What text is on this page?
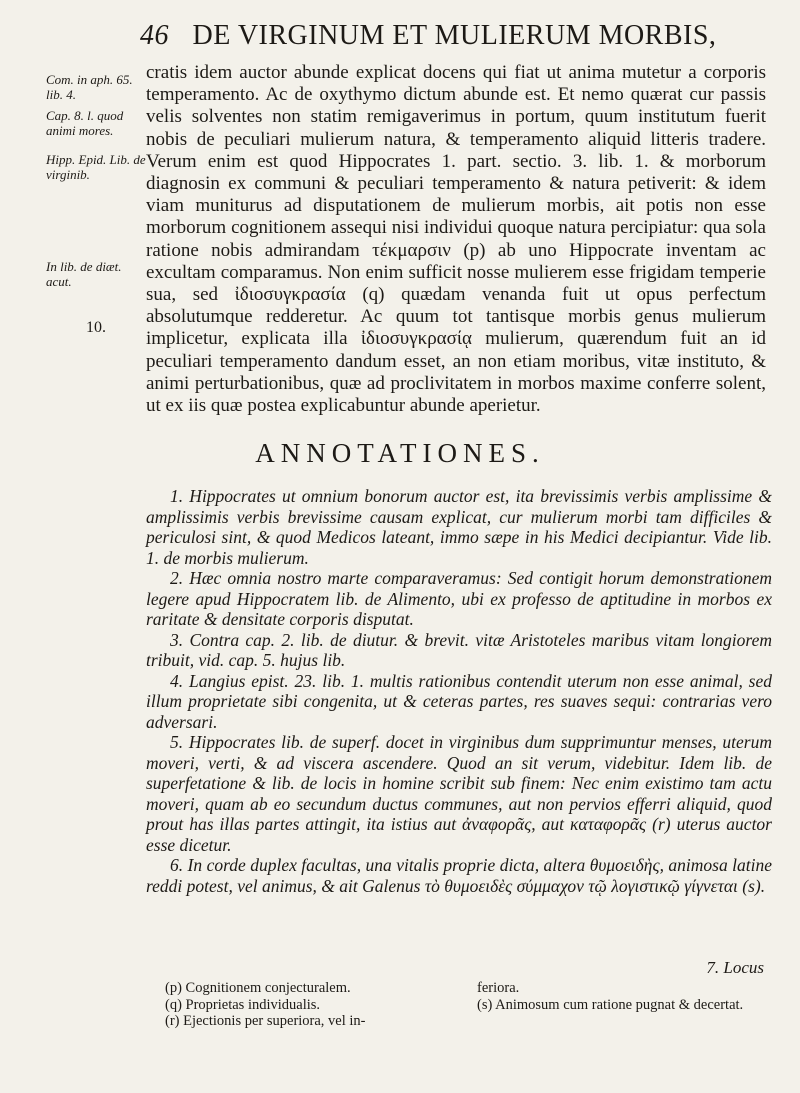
46 DE VIRGINUM ET MULIERUM MORBIS,
Com. in aph. 65. lib. 4.
Cap. 8. l. quod animi mores.
Hipp. Epid. Lib. de virginib.
In lib. de diæt. acut.
10.

cratis idem auctor abunde explicat docens qui fiat ut anima mutetur a corporis temperamento. Ac de oxythymo dictum abunde est. Et nemo quærat cur passis velis solventes non statim remigaverimus in portum, quum institutum fuerit nobis de peculiari mulierum natura, & temperamento aliquid litteris tradere. Verum enim est quod Hippocrates 1. part. sectio. 3. lib. 1. & morborum diagnosin ex communi & peculiari temperamento & natura petiverit: & idem viam muniturus ad disputationem de mulierum morbis, ait potis non esse morborum cognitionem assequi nisi individui quoque natura percipiatur: qua sola ratione nobis admirandam τέκμαρσιν (p) ab uno Hippocrate inventam ac excultam comparamus. Non enim sufficit nosse mulierem esse frigidam temperie sua, sed ἰδιοσυγκρασία (q) quædam venanda fuit ut opus perfectum absolutumque redderetur. Ac quum tot tantisque morbis genus mulierum implicetur, explicata illa ἰδιοσυγκρασίᾳ mulierum, quærendum fuit an id peculiari temperamento dandum esset, an non etiam moribus, vitæ instituto, & animi perturbationibus, quæ ad proclivitatem in morbos maxime conferre solent, ut ex iis quæ postea explicabuntur abunde aperietur.

ANNOTATIONES.

1. Hippocrates ut omnium bonorum auctor est, ita brevissimis verbis amplissime & amplissimis verbis brevissime causam explicat, cur mulierum morbi tam difficiles & periculosi sint, & quod Medicos lateant, immo sæpe in his Medici decipiantur. Vide lib. 1. de morbis mulierum.

2. Hæc omnia nostro marte comparaveramus: Sed contigit horum demonstrationem legere apud Hippocratem lib. de Alimento, ubi ex professo de aptitudine in morbos ex raritate & densitate corporis disputat.

3. Contra cap. 2. lib. de diutur. & brevit. vitæ Aristoteles maribus vitam longiorem tribuit, vid. cap. 5. hujus lib.

4. Langius epist. 23. lib. 1. multis rationibus contendit uterum non esse animal, sed illum proprietate sibi congenita, ut & ceteras partes, res suaves sequi: contrarias vero adversari.

5. Hippocrates lib. de superf. docet in virginibus dum supprimuntur menses, uterum moveri, verti, & ad viscera ascendere. Quod an sit verum, videbitur. Idem lib. de superfetatione & lib. de locis in homine scribit sub finem: Nec enim existimo tam actu moveri, quam ab eo secundum ductus communes, aut non pervios efferri aliquid, quod prout has illas partes attingit, ita istius aut ἀναφορᾶς, aut καταφορᾶς (r) uterus auctor esse dicetur.

6. In corde duplex facultas, una vitalis proprie dicta, altera θυμοειδὴς, animosa latine reddi potest, vel animus, & ait Galenus τὸ θυμοειδὲς σύμμαχον τῷ λογιστικῷ γίγνεται (s).

7. Locus
(p) Cognitionem conjecturalem.
(q) Proprietas individualis.
(r) Ejectionis per superiora, vel in-
feriora.
(s) Animosum cum ratione pugnat & decertat.
